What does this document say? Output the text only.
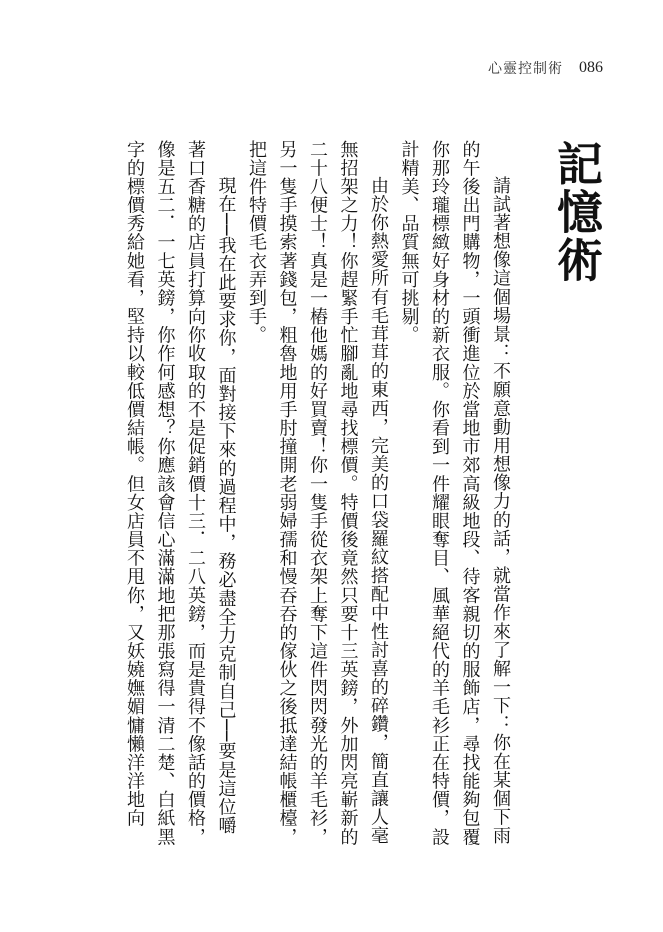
心靈控制術 086
記憶術

請試著想像這個場景：不願意動用想像力的話，就當作來了解一下：你在某個下雨的午後出門購物，一頭衝進位於當地市郊高級地段、待客親切的服飾店，尋找能夠包覆你那玲瓏標緻好身材的新衣服。你看到一件耀眼奪目、風華絕代的羊毛衫正在特價，設計精美、品質無可挑剔。

由於你熱愛所有毛茸茸的東西，完美的口袋羅紋搭配中性討喜的碎鑽，簡直讓人毫無招架之力！你趕緊手忙腳亂地尋找標價。特價後竟然只要十三英鎊，外加閃亮嶄新的二十八便士！真是一樁他媽的好買賣！你一隻手從衣架上奪下這件閃閃發光的羊毛衫，另一隻手摸索著錢包，粗魯地用手肘撞開老弱婦孺和慢吞吞的傢伙之後抵達結帳櫃檯，把這件特價毛衣弄到手。

現在──我在此要求你，面對接下來的過程中，務必盡全力克制自己──要是這位嚼著口香糖的店員打算向你收取的不是促銷價十三．二八英鎊，而是貴得不像話的價格，像是五二．一七英鎊，你作何感想？你應該會信心滿滿地把那張寫得一清二楚、白紙黑字的標價秀給她看，堅持以較低價結帳。但女店員不甩你，又妖嬈嫵媚慵懶洋洋地向
